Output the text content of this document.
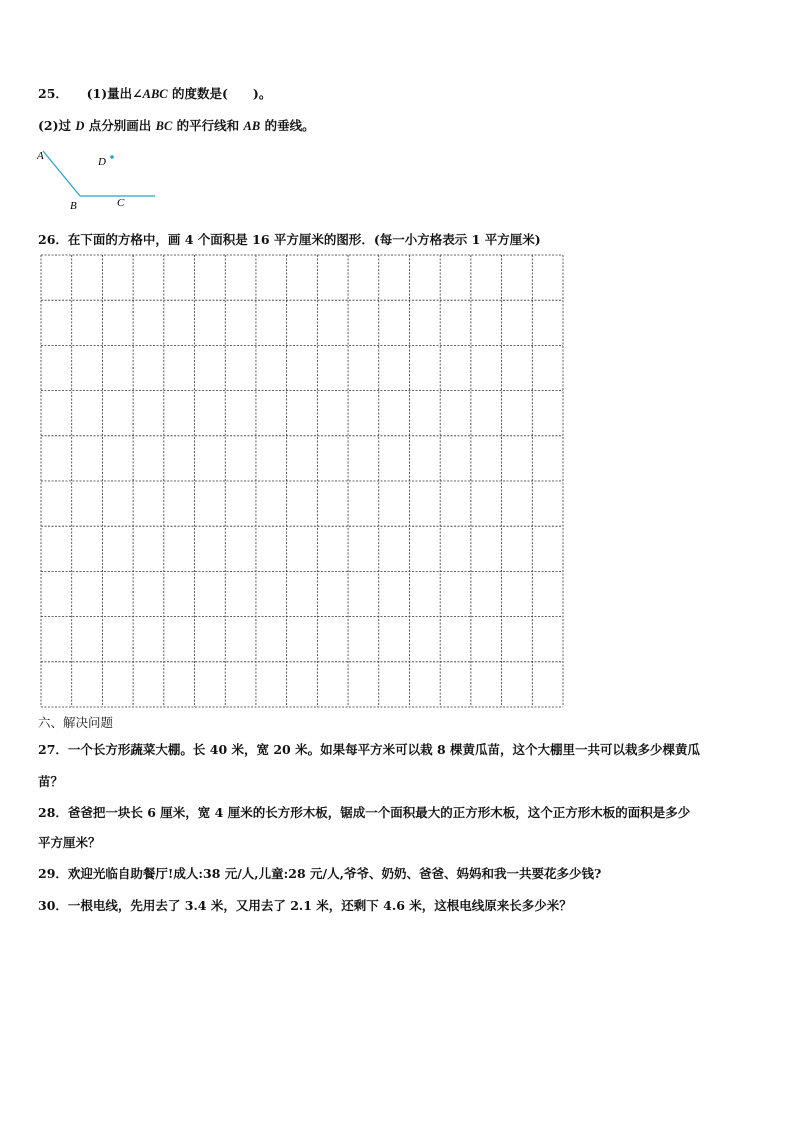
25． (1)量出∠ABC 的度数是(　　)。
(2)过 D 点分别画出 BC 的平行线和 AB 的垂线。
A
B	C
D
26．在下面的方格中，画 4 个面积是 16 平方厘米的图形．(每一小方格表示 1 平方厘米)
六、解决问题
27．一个长方形蔬菜大棚。长 40 米，宽 20 米。如果每平方米可以栽 8 棵黄瓜苗，这个大棚里一共可以栽多少棵黄瓜
苗？
28．爸爸把一块长 6 厘米，宽 4 厘米的长方形木板，锯成一个面积最大的正方形木板，这个正方形木板的面积是多少
平方厘米？
29．欢迎光临自助餐厅!成人:38 元/人,儿童:28 元/人,爷爷、奶奶、爸爸、妈妈和我一共要花多少钱?
30．一根电线，先用去了 3.4 米，又用去了 2.1 米，还剩下 4.6 米，这根电线原来长多少米？
